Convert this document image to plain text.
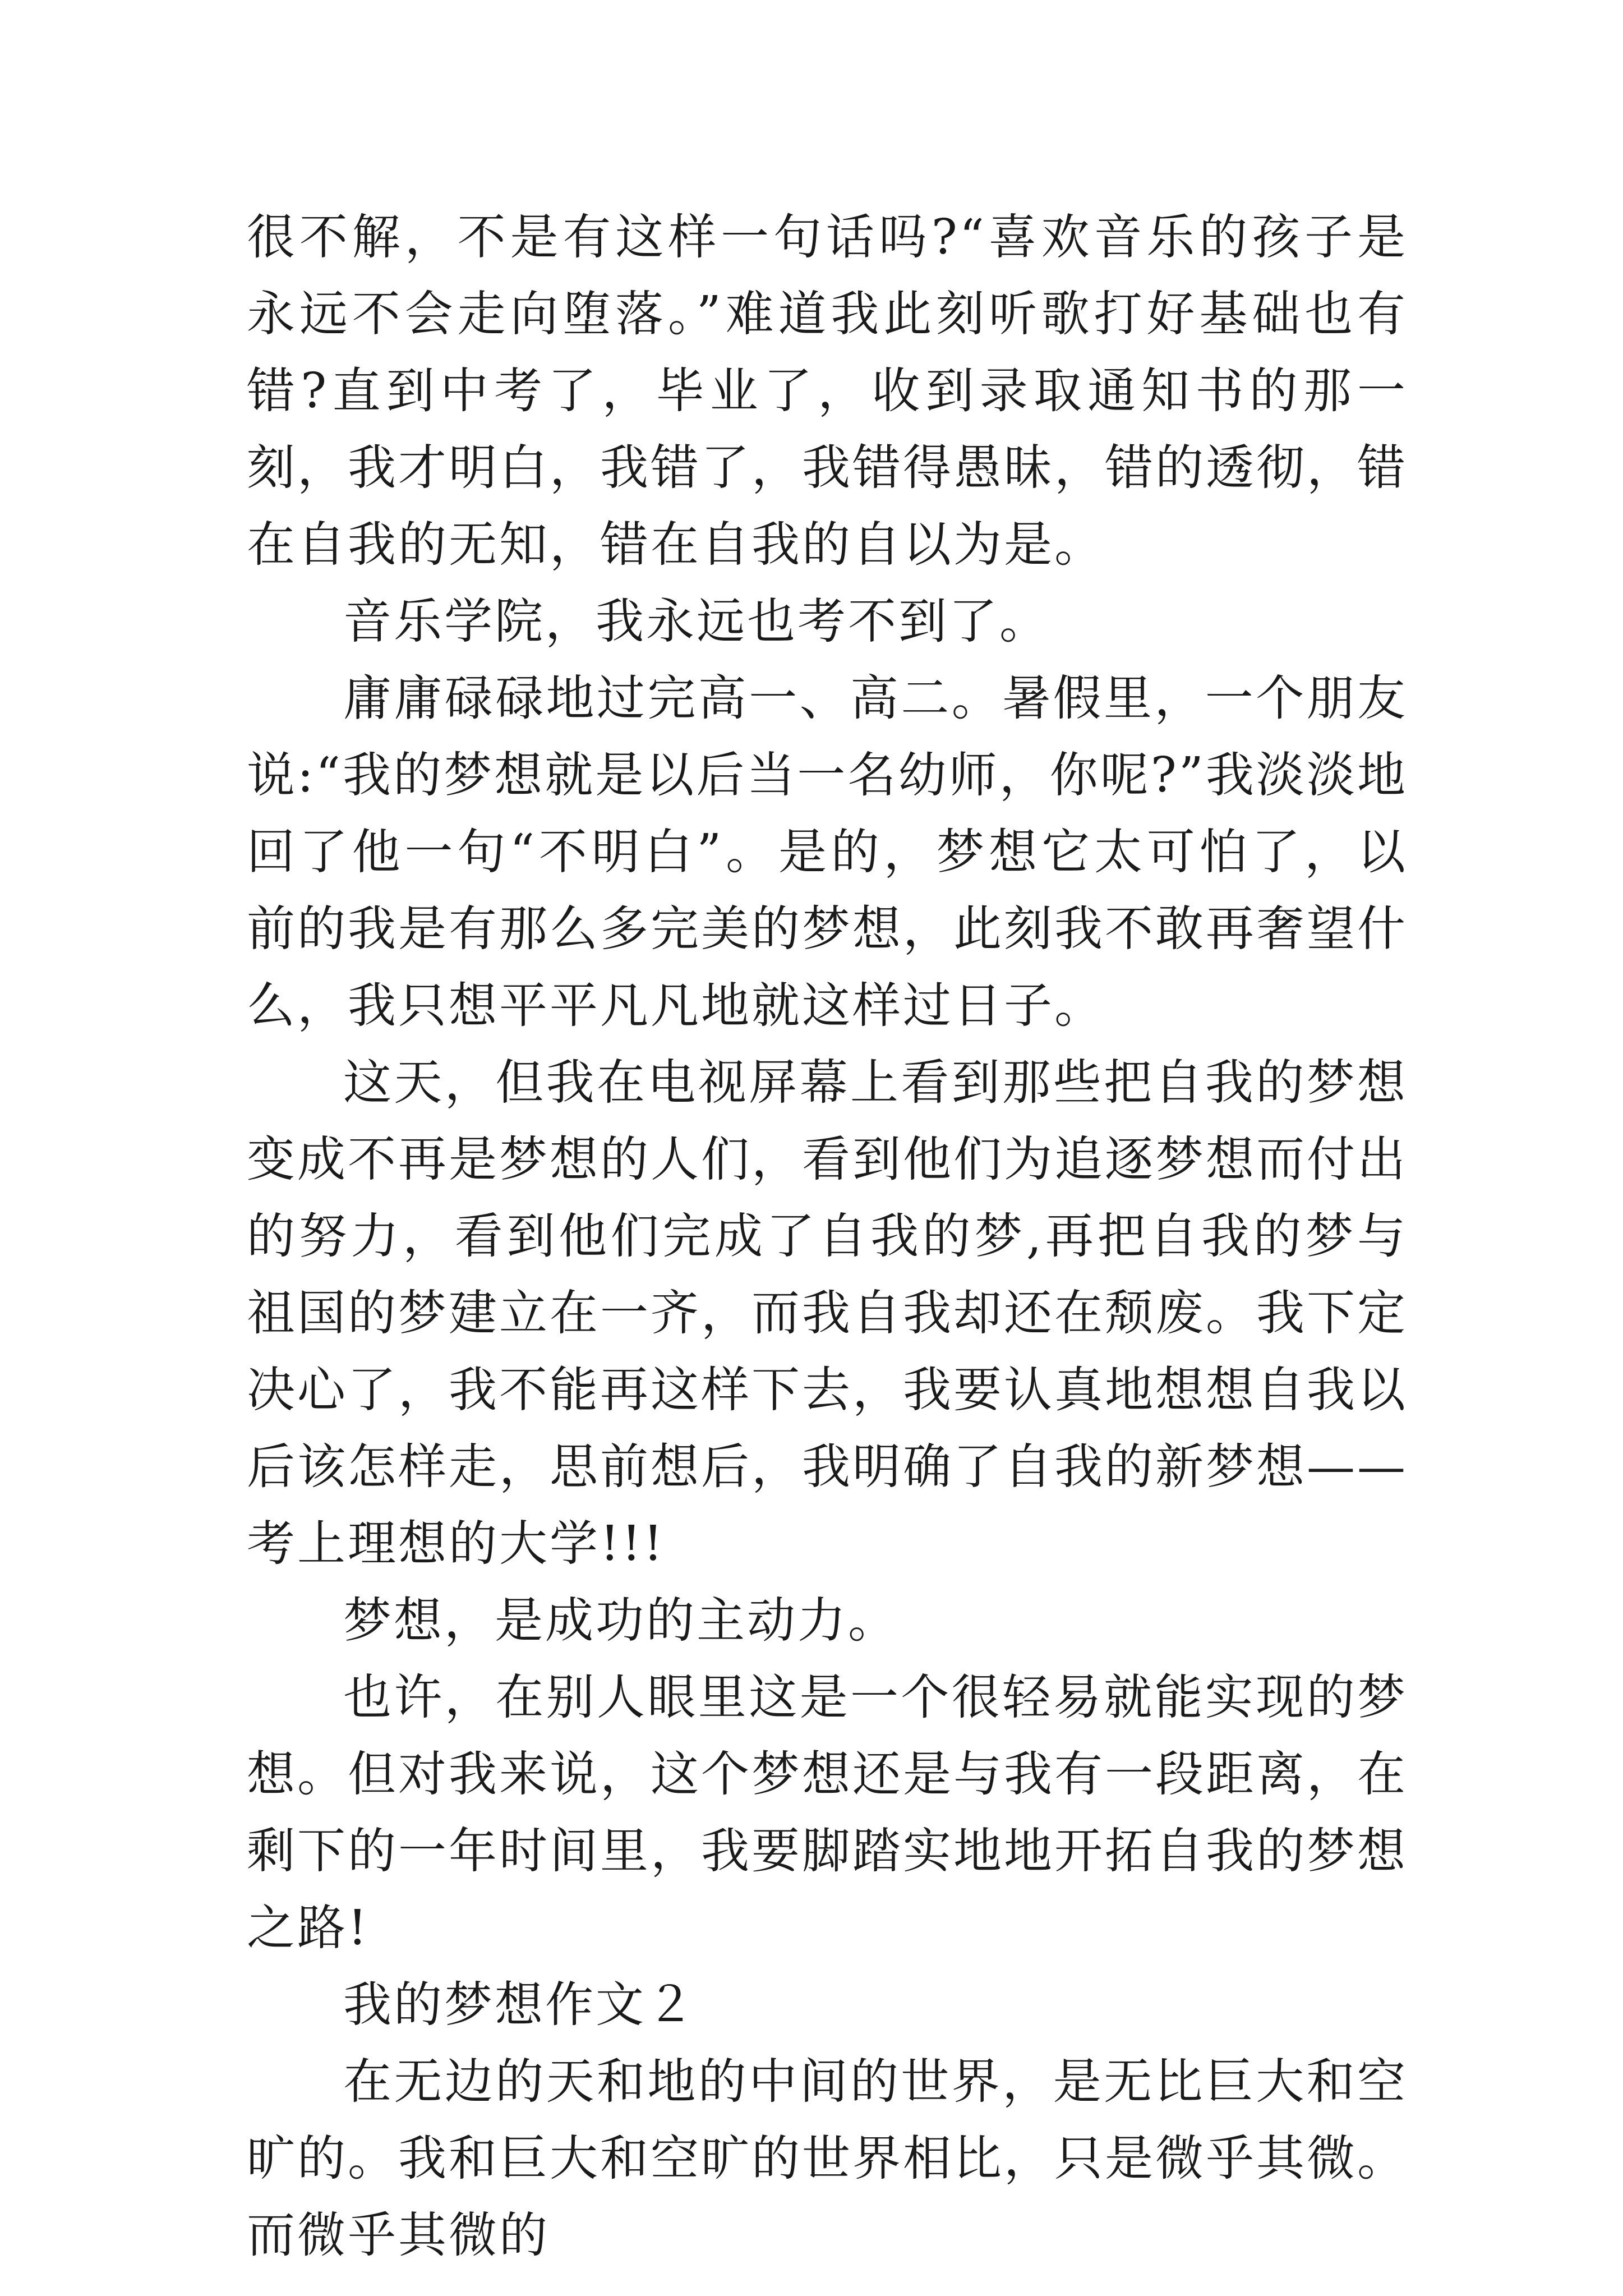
很不解，不是有这样一句话吗?“喜欢音乐的孩子是永远不会走向堕落。”难道我此刻听歌打好基础也有错?直到中考了，毕业了，收到录取通知书的那一刻，我才明白，我错了，我错得愚昧，错的透彻，错在自我的无知，错在自我的自以为是。

音乐学院，我永远也考不到了。

庸庸碌碌地过完高一、高二。暑假里，一个朋友说:“我的梦想就是以后当一名幼师，你呢?”我淡淡地回了他一句“不明白”。是的，梦想它太可怕了，以前的我是有那么多完美的梦想，此刻我不敢再奢望什么，我只想平平凡凡地就这样过日子。

这天，但我在电视屏幕上看到那些把自我的梦想变成不再是梦想的人们，看到他们为追逐梦想而付出的努力，看到他们完成了自我的梦,再把自我的梦与祖国的梦建立在一齐，而我自我却还在颓废。我下定决心了，我不能再这样下去，我要认真地想想自我以后该怎样走，思前想后，我明确了自我的新梦想——考上理想的大学!!!

梦想，是成功的主动力。

也许，在别人眼里这是一个很轻易就能实现的梦想。但对我来说，这个梦想还是与我有一段距离，在剩下的一年时间里，我要脚踏实地地开拓自我的梦想之路!

我的梦想作文２

在无边的天和地的中间的世界，是无比巨大和空旷的。我和巨大和空旷的世界相比，只是微乎其微。而微乎其微的
